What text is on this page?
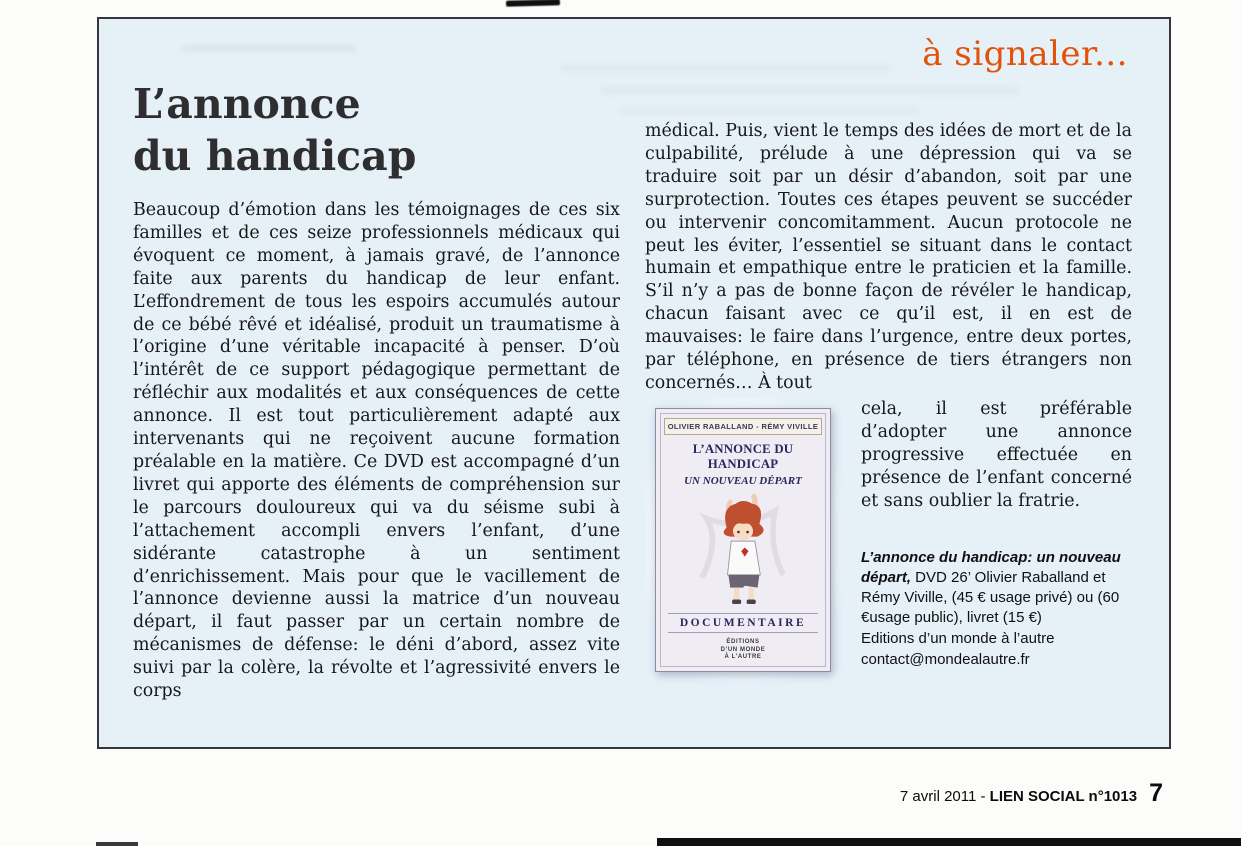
à signaler...
L’annonce
du handicap

Beaucoup d’émotion dans les témoignages de ces six familles et de ces seize professionnels médicaux qui évoquent ce moment, à jamais gravé, de l’annonce faite aux parents du handicap de leur enfant. L’effondrement de tous les espoirs accumulés autour de ce bébé rêvé et idéalisé, produit un traumatisme à l’origine d’une véritable incapacité à penser. D’où l’intérêt de ce support pédagogique permettant de réfléchir aux modalités et aux conséquences de cette annonce. Il est tout particulièrement adapté aux intervenants qui ne reçoivent aucune formation préalable en la matière. Ce DVD est accompagné d’un livret qui apporte des éléments de compréhension sur le parcours douloureux qui va du séisme subi à l’attachement accompli envers l’enfant, d’une sidérante catastrophe à un sentiment d’enrichissement. Mais pour que le vacillement de l’annonce devienne aussi la matrice d’un nouveau départ, il faut passer par un certain nombre de mécanismes de défense: le déni d’abord, assez vite suivi par la colère, la révolte et l’agressivité envers le corps

médical. Puis, vient le temps des idées de mort et de la culpabilité, prélude à une dépression qui va se traduire soit par un désir d’abandon, soit par une surprotection. Toutes ces étapes peuvent se succéder ou intervenir concomitamment. Aucun protocole ne peut les éviter, l’essentiel se situant dans le contact humain et empathique entre le praticien et la famille. S’il n’y a pas de bonne façon de révéler le handicap, chacun faisant avec ce qu’il est, il en est de mauvaises: le faire dans l’urgence, entre deux portes, par téléphone, en présence de tiers étrangers non concernés… À tout

OLIVIER RABALLAND - RÉMY VIVILLE
L’ANNONCE DU HANDICAP
UN NOUVEAU DÉPART
DOCUMENTAIRE
ÉDITIONS
D’UN MONDE
À L’AUTRE

cela, il est préférable d’adopter une annonce progressive effectuée en présence de l’enfant concerné et sans oublier la fratrie.

L’annonce du handicap: un nouveau départ, DVD 26’ Olivier Raballand et Rémy Viville, (45 € usage privé) ou (60 €usage public), livret (15 €)
Editions d’un monde à l’autre
contact@mondealautre.fr
7 avril 2011 - LIEN SOCIAL n°1013 7
